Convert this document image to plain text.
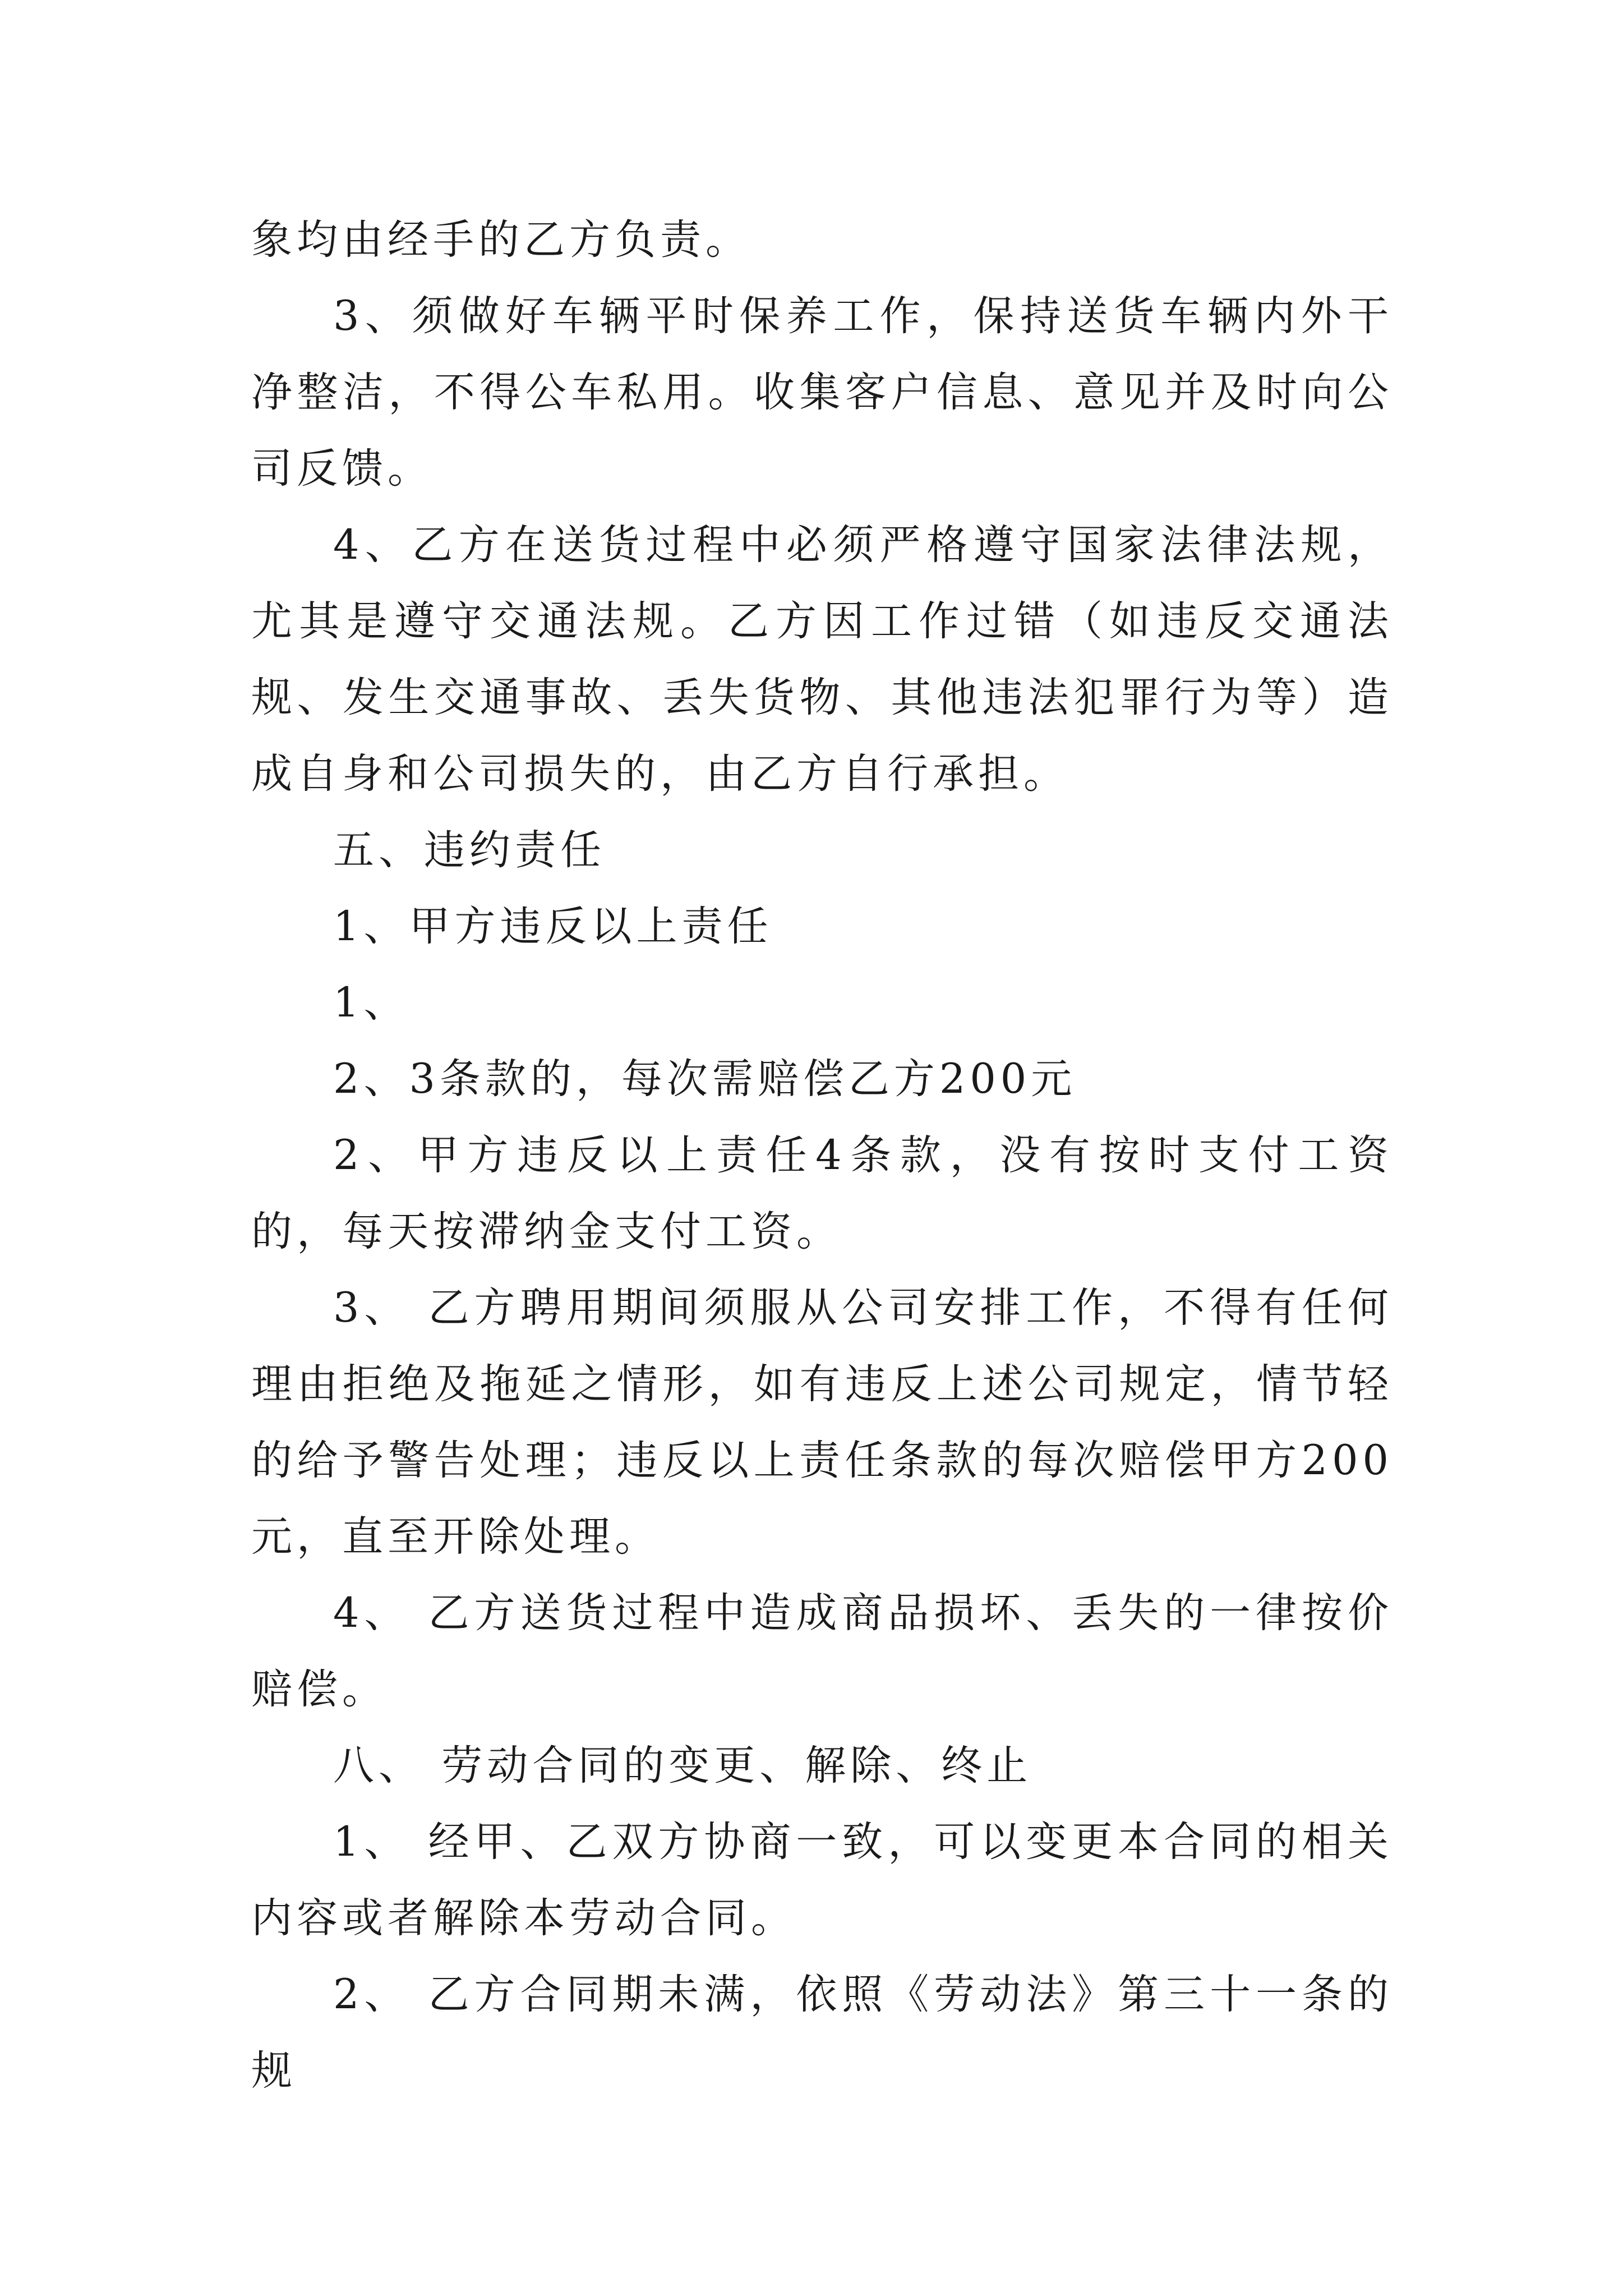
象均由经手的乙方负责。

3、须做好车辆平时保养工作，保持送货车辆内外干净整洁，不得公车私用。收集客户信息、意见并及时向公司反馈。

4、乙方在送货过程中必须严格遵守国家法律法规，尤其是遵守交通法规。乙方因工作过错（如违反交通法规、发生交通事故、丢失货物、其他违法犯罪行为等）造成自身和公司损失的，由乙方自行承担。

五、违约责任

1、甲方违反以上责任

1、

2、3条款的，每次需赔偿乙方200元

2、甲方违反以上责任4条款，没有按时支付工资的，每天按滞纳金支付工资。

3、 乙方聘用期间须服从公司安排工作，不得有任何理由拒绝及拖延之情形，如有违反上述公司规定，情节轻的给予警告处理；违反以上责任条款的每次赔偿甲方200元，直至开除处理。

4、 乙方送货过程中造成商品损坏、丢失的一律按价赔偿。

八、 劳动合同的变更、解除、终止

1、 经甲、乙双方协商一致，可以变更本合同的相关内容或者解除本劳动合同。

2、 乙方合同期未满，依照《劳动法》第三十一条的规
